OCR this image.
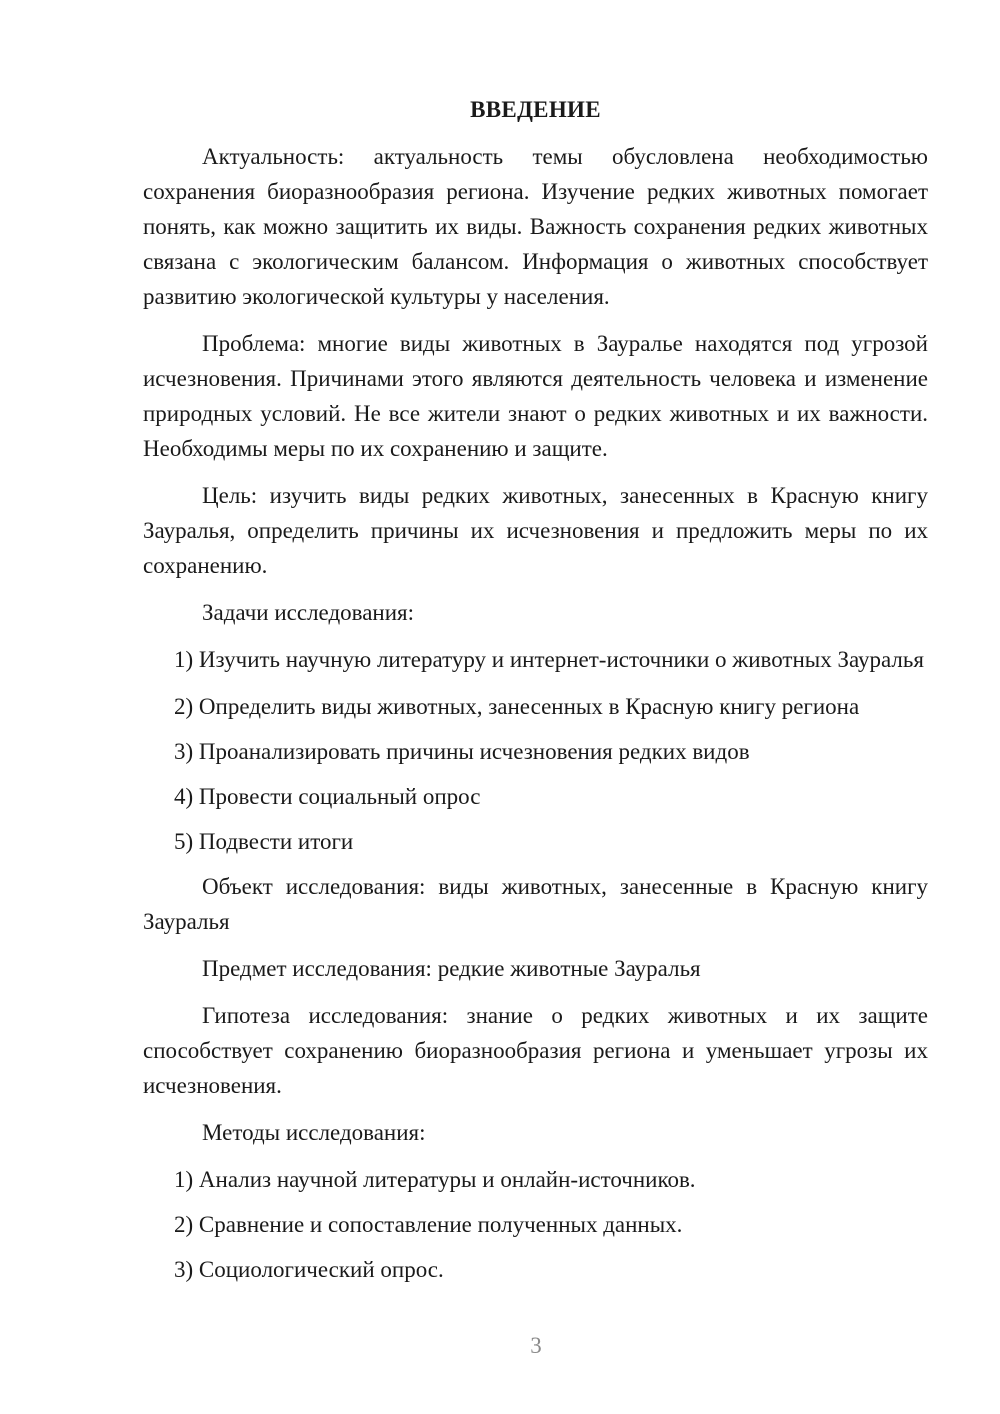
ВВЕДЕНИЕ

Актуальность: актуальность темы обусловлена необходимостью сохранения биоразнообразия региона. Изучение редких животных помогает понять, как можно защитить их виды. Важность сохранения редких животных связана с экологическим балансом. Информация о животных способствует развитию экологической культуры у населения.

Проблема: многие виды животных в Зауралье находятся под угрозой исчезновения. Причинами этого являются деятельность человека и изменение природных условий. Не все жители знают о редких животных и их важности. Необходимы меры по их сохранению и защите.

Цель: изучить виды редких животных, занесенных в Красную книгу Зауралья, определить причины их исчезновения и предложить меры по их сохранению.

Задачи исследования:

1) Изучить научную литературу и интернет-источники о животных Зауралья

2) Определить виды животных, занесенных в Красную книгу региона

3) Проанализировать причины исчезновения редких видов

4) Провести социальный опрос

5) Подвести итоги

Объект исследования: виды животных, занесенные в Красную книгу Зауралья

Предмет исследования: редкие животные Зауралья

Гипотеза исследования: знание о редких животных и их защите способствует сохранению биоразнообразия региона и уменьшает угрозы их исчезновения.

Методы исследования:

1) Анализ научной литературы и онлайн-источников.

2) Сравнение и сопоставление полученных данных.

3) Социологический опрос.

3
